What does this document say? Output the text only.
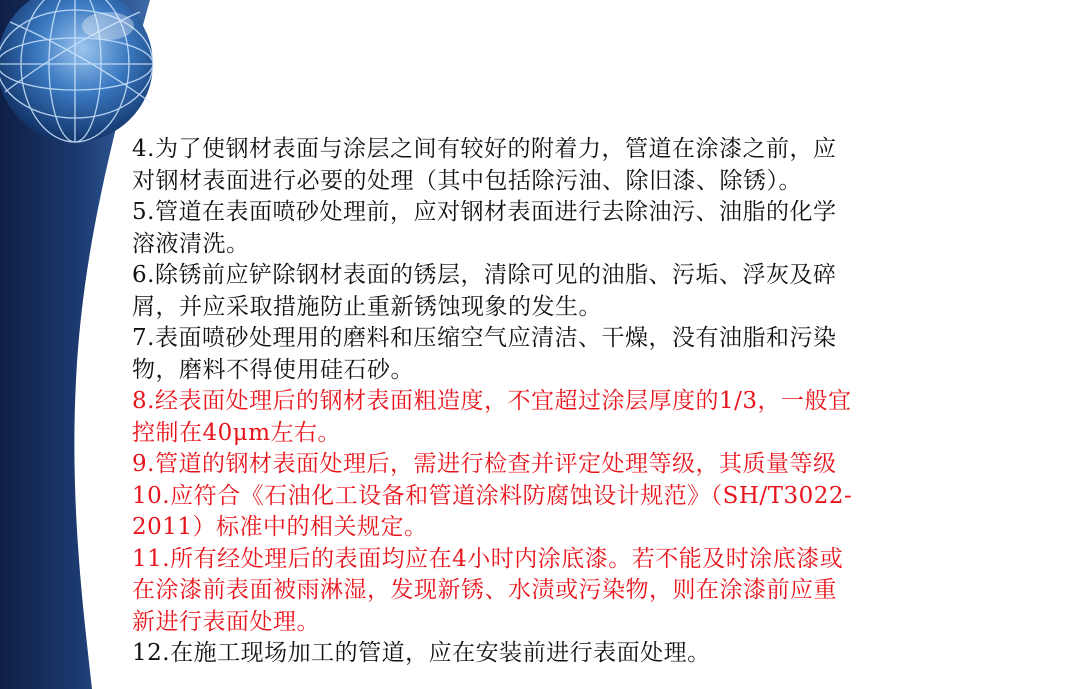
4.为了使钢材表面与涂层之间有较好的附着力，管道在涂漆之前，应
对钢材表面进行必要的处理（其中包括除污油、除旧漆、除锈）。
5.管道在表面喷砂处理前，应对钢材表面进行去除油污、油脂的化学
溶液清洗。
6.除锈前应铲除钢材表面的锈层，清除可见的油脂、污垢、浮灰及碎
屑，并应采取措施防止重新锈蚀现象的发生。
7.表面喷砂处理用的磨料和压缩空气应清洁、干燥，没有油脂和污染
物，磨料不得使用硅石砂。
8.经表面处理后的钢材表面粗造度，不宜超过涂层厚度的1/3，一般宜
控制在40μm左右。
9.管道的钢材表面处理后，需进行检查并评定处理等级，其质量等级
10.应符合《石油化工设备和管道涂料防腐蚀设计规范》（SH/T3022-
2011）标准中的相关规定。
11.所有经处理后的表面均应在4小时内涂底漆。若不能及时涂底漆或
在涂漆前表面被雨淋湿，发现新锈、水渍或污染物，则在涂漆前应重
新进行表面处理。
12.在施工现场加工的管道，应在安装前进行表面处理。
